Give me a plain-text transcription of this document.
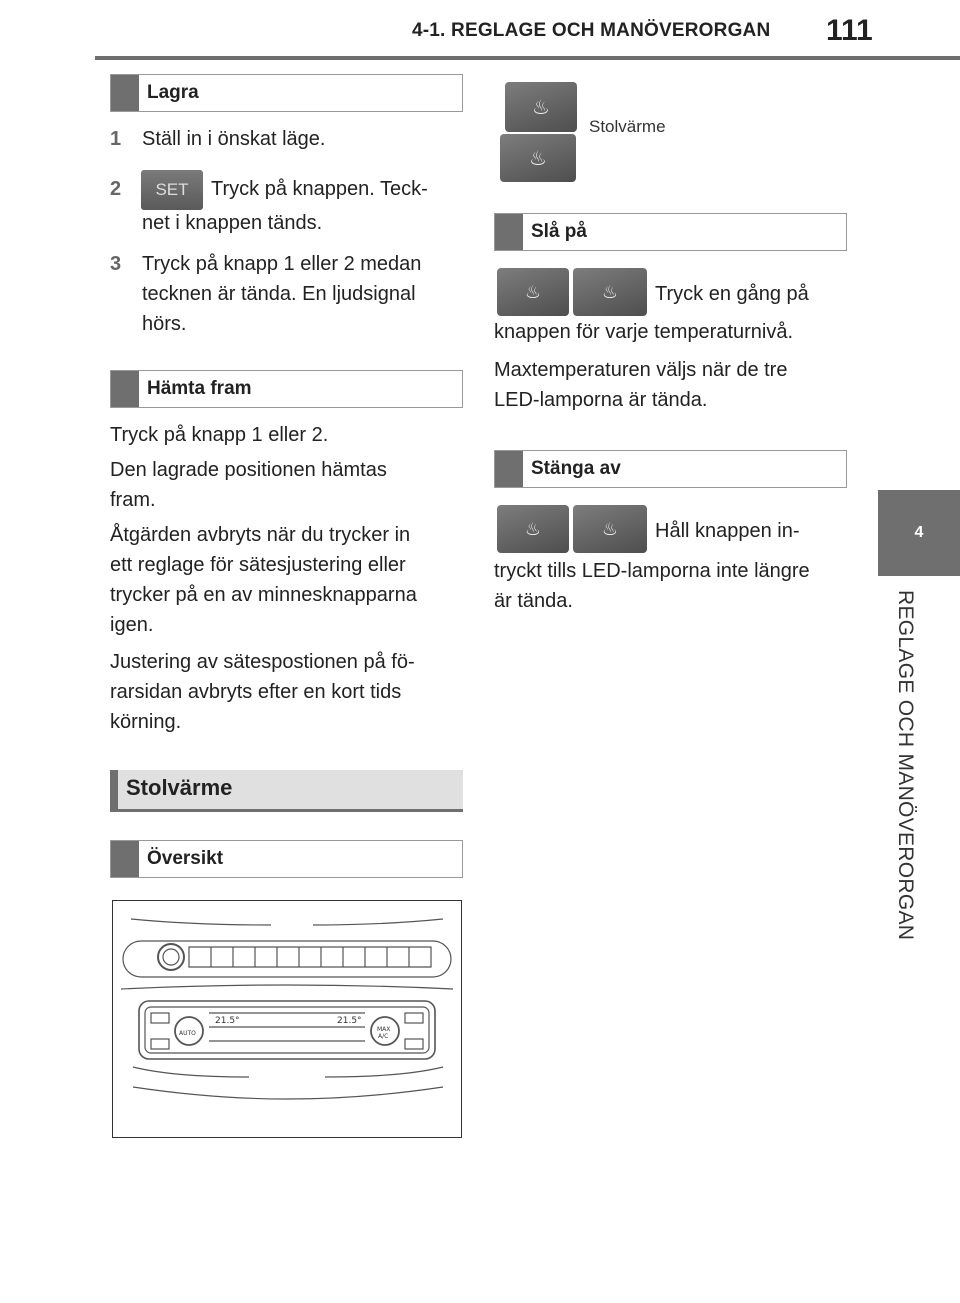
4-1. REGLAGE OCH MANÖVERORGAN 111
4
REGLAGE OCH MANÖVERORGAN
Lagra
1 Ställ in i önskat läge.
2	SET	Tryck på knappen. Teck-
net i knappen tänds.
3 Tryck på knapp 1 eller 2 medan
tecknen är tända. En ljudsignal
hörs.
Hämta fram
Tryck på knapp 1 eller 2.
Den lagrade positionen hämtas
fram.
Åtgärden avbryts när du trycker in
ett reglage för sätesjustering eller
trycker på en av minnesknapparna
igen.
Justering av sätespostionen på fö-
rarsidan avbryts efter en kort tids
körning.
Stolvärme
Översikt
21.5°	21.5°
AUTO
MAX
A/C
♨
♨
Stolvärme
Slå på
♨	♨ Tryck en gång på
knappen för varje temperaturnivå.
Maxtemperaturen väljs när de tre
LED-lamporna är tända.
Stänga av
♨	♨ Håll knappen in-
tryckt tills LED-lamporna inte längre
är tända.
